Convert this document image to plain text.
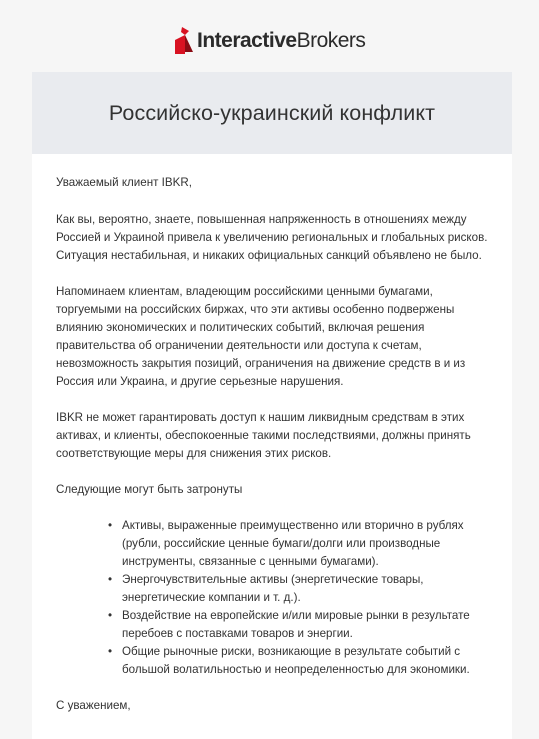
InteractiveBrokers
Российско-украинский конфликт

Уважаемый клиент IBKR,

Как вы, вероятно, знаете, повышенная напряженность в отношениях между Россией и Украиной привела к увеличению региональных и глобальных рисков. Ситуация нестабильная, и никаких официальных санкций объявлено не было.

Напоминаем клиентам, владеющим российскими ценными бумагами, торгуемыми на российских биржах, что эти активы особенно подвержены влиянию экономических и политических событий, включая решения правительства об ограничении деятельности или доступа к счетам, невозможность закрытия позиций, ограничения на движение средств в и из Россия или Украина, и другие серьезные нарушения.

IBKR не может гарантировать доступ к нашим ликвидным средствам в этих активах, и клиенты, обеспокоенные такими последствиями, должны принять соответствующие меры для снижения этих рисков.

Следующие могут быть затронуты

• Активы, выраженные преимущественно или вторично в рублях (рубли, российские ценные бумаги/долги или производные инструменты, связанные с ценными бумагами).
• Энергочувствительные активы (энергетические товары, энергетические компании и т. д.).
• Воздействие на европейские и/или мировые рынки в результате перебоев с поставками товаров и энергии.
• Общие рыночные риски, возникающие в результате событий с большой волатильностью и неопределенностью для экономики.

С уважением,
